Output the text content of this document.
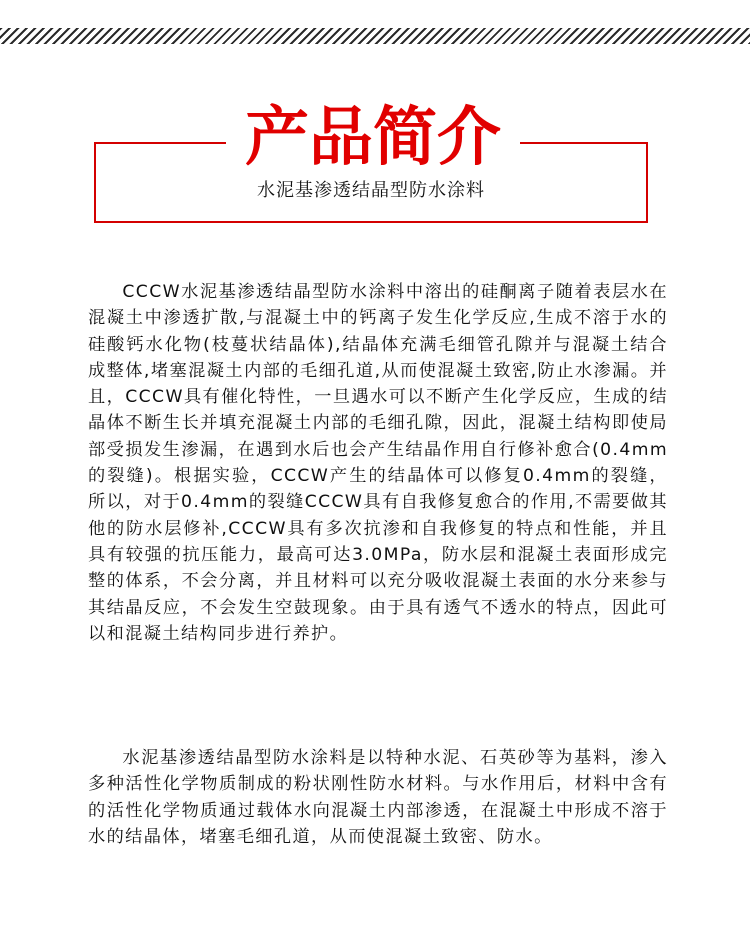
产品简介
水泥基渗透结晶型防水涂料

CCCW水泥基渗透结晶型防水涂料中溶出的硅酮离子随着表层水在混凝土中渗透扩散,与混凝土中的钙离子发生化学反应,生成不溶于水的硅酸钙水化物(枝蔓状结晶体),结晶体充满毛细管孔隙并与混凝土结合成整体,堵塞混凝土内部的毛细孔道,从而使混凝土致密,防止水渗漏。并且，CCCW具有催化特性，一旦遇水可以不断产生化学反应，生成的结晶体不断生长并填充混凝土内部的毛细孔隙，因此，混凝土结构即使局部受损发生渗漏，在遇到水后也会产生结晶作用自行修补愈合(0.4mm的裂缝)。根据实验，CCCW产生的结晶体可以修复0.4mm的裂缝，所以，对于0.4mm的裂缝CCCW具有自我修复愈合的作用,不需要做其他的防水层修补,CCCW具有多次抗渗和自我修复的特点和性能，并且具有较强的抗压能力，最高可达3.0MPa，防水层和混凝土表面形成完整的体系，不会分离，并且材料可以充分吸收混凝土表面的水分来参与其结晶反应，不会发生空鼓现象。由于具有透气不透水的特点，因此可以和混凝土结构同步进行养护。

水泥基渗透结晶型防水涂料是以特种水泥、石英砂等为基料，渗入多种活性化学物质制成的粉状刚性防水材料。与水作用后，材料中含有的活性化学物质通过载体水向混凝土内部渗透，在混凝土中形成不溶于水的结晶体，堵塞毛细孔道，从而使混凝土致密、防水。
